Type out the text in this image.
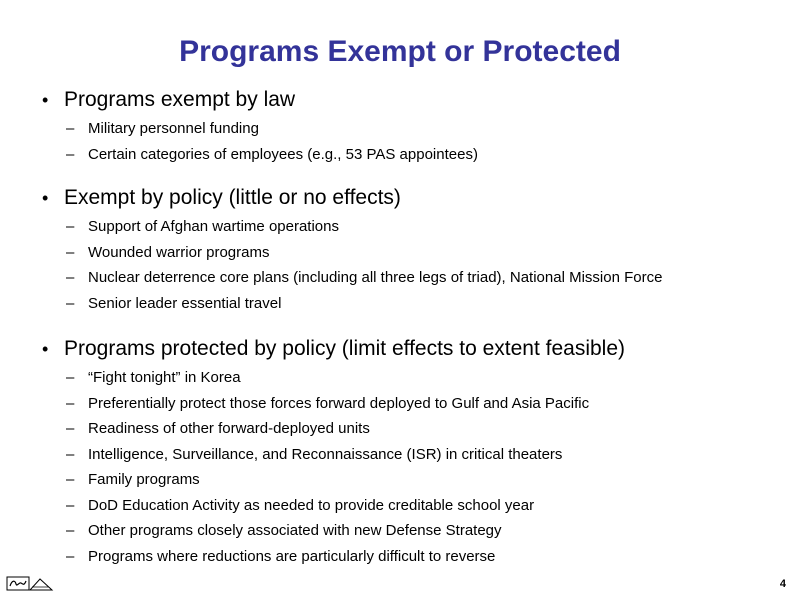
Programs Exempt or Protected
• Programs exempt by law
– Military personnel funding
– Certain categories of employees (e.g., 53 PAS appointees)
• Exempt by policy (little or no effects)
– Support of Afghan wartime operations
– Wounded warrior programs
– Nuclear deterrence core plans (including all three legs of triad), National Mission Force
– Senior leader essential travel
• Programs protected by policy (limit effects to extent feasible)
– “Fight tonight” in Korea
– Preferentially protect those forces forward deployed to Gulf and Asia Pacific
– Readiness of other forward-deployed units
– Intelligence, Surveillance, and Reconnaissance (ISR) in critical theaters
– Family programs
– DoD Education Activity as needed to provide creditable school year
– Other programs closely associated with new Defense Strategy
– Programs where reductions are particularly difficult to reverse
4
